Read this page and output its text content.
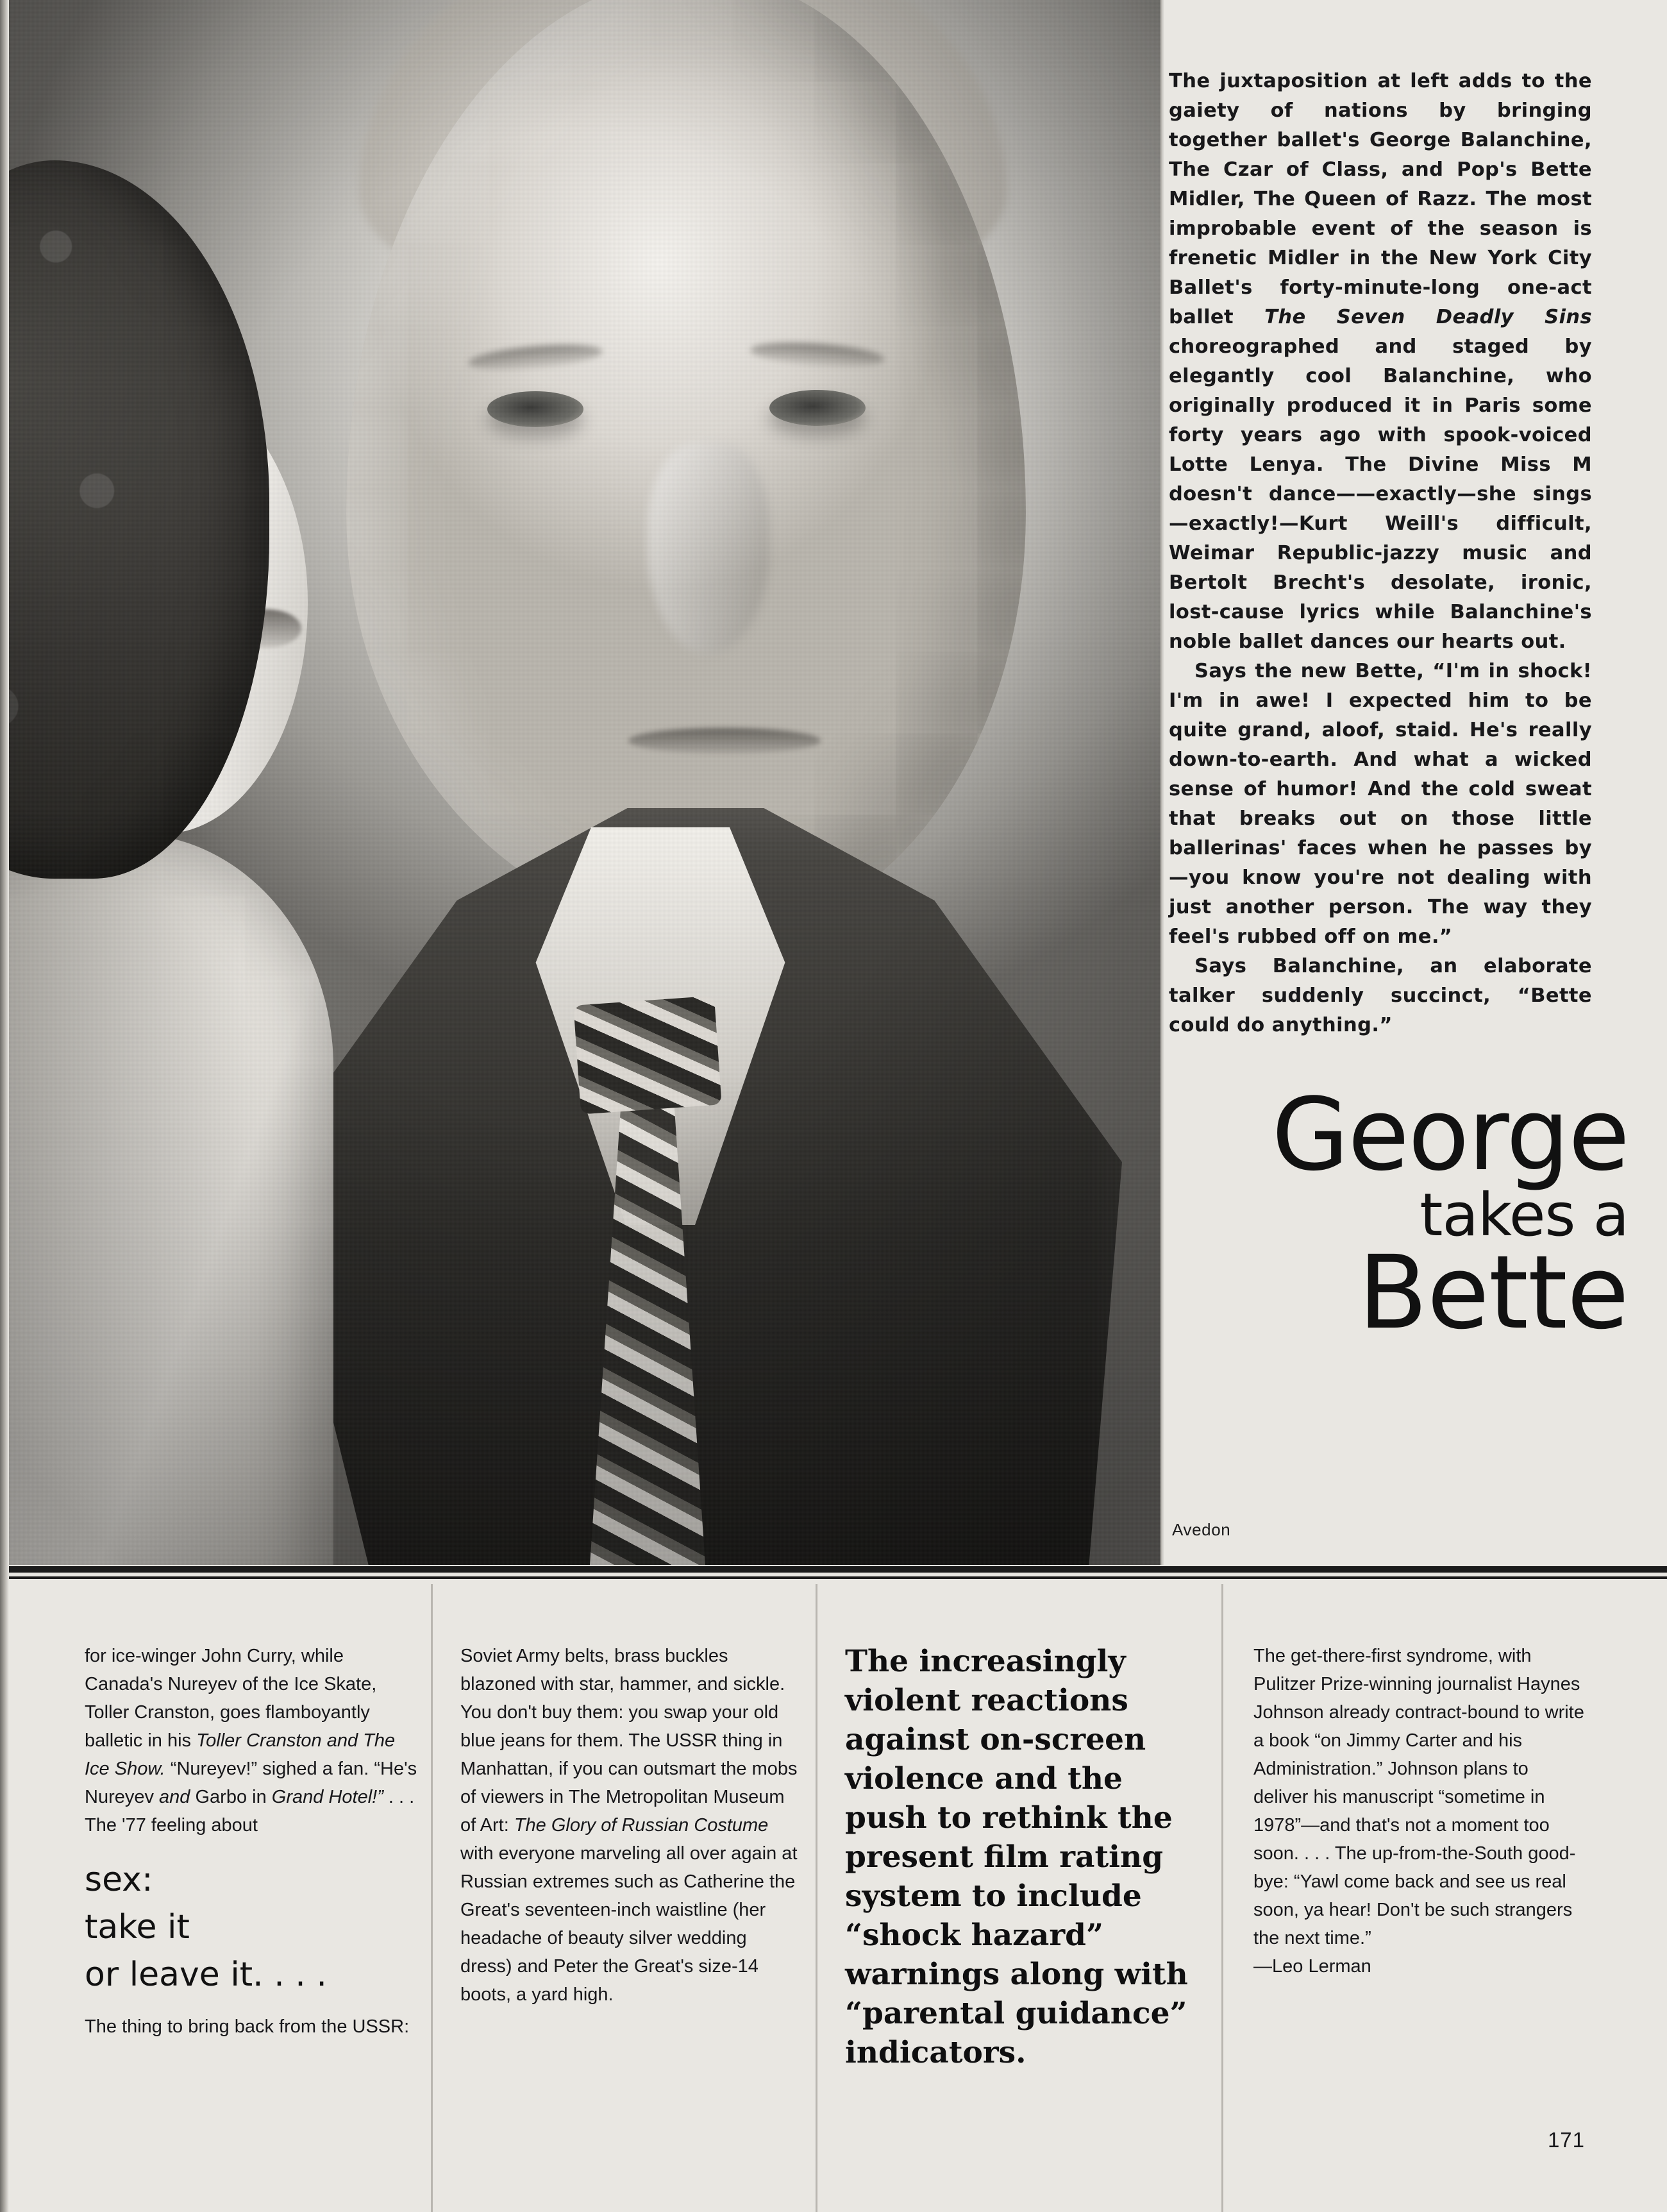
The juxtaposition at left adds to the gaiety of nations by bringing together ballet's George Balanchine, The Czar of Class, and Pop's Bette Midler, The Queen of Razz. The most improbable event of the season is frenetic Midler in the New York City Ballet's forty-minute-long one-act ballet The Seven Deadly Sins choreographed and staged by elegantly cool Balanchine, who originally produced it in Paris some forty years ago with spook-voiced Lotte Lenya. The Divine Miss M doesn't dance——exactly—she sings—exactly!—Kurt Weill's difficult, Weimar Republic-jazzy music and Bertolt Brecht's desolate, ironic, lost-cause lyrics while Balanchine's noble ballet dances our hearts out.

Says the new Bette, “I'm in shock! I'm in awe! I expected him to be quite grand, aloof, staid. He's really down-to-earth. And what a wicked sense of humor! And the cold sweat that breaks out on those little ballerinas' faces when he passes by—you know you're not dealing with just another person. The way they feel's rubbed off on me.”

Says Balanchine, an elaborate talker suddenly succinct, “Bette could do anything.”

George
takes a
Bette
Avedon

for ice-winger John Curry, while Canada's Nureyev of the Ice Skate, Toller Cranston, goes flamboyantly balletic in his Toller Cranston and The Ice Show. “Nureyev!” sighed a fan. “He's Nureyev and Garbo in Grand Hotel!” . . . The '77 feeling about

sex:
take it
or leave it. . . .

The thing to bring back from the USSR:

Soviet Army belts, brass buckles blazoned with star, hammer, and sickle. You don't buy them: you swap your old blue jeans for them. The USSR thing in Manhattan, if you can outsmart the mobs of viewers in The Metropolitan Museum of Art: The Glory of Russian Costume with everyone marveling all over again at Russian extremes such as Catherine the Great's seventeen-inch waistline (her headache of beauty silver wedding dress) and Peter the Great's size-14 boots, a yard high.

The increasingly violent reactions against on-screen violence and the push to rethink the present film rating system to include “shock hazard” warnings along with “parental guidance” indicators.

The get-there-first syndrome, with Pulitzer Prize-winning journalist Haynes Johnson already contract-bound to write a book “on Jimmy Carter and his Administration.” Johnson plans to deliver his manuscript “sometime in 1978”—and that's not a moment too soon. . . . The up-from-the-South good-bye: “Yawl come back and see us real soon, ya hear! Don't be such strangers the next time.”

—Leo Lerman

171
